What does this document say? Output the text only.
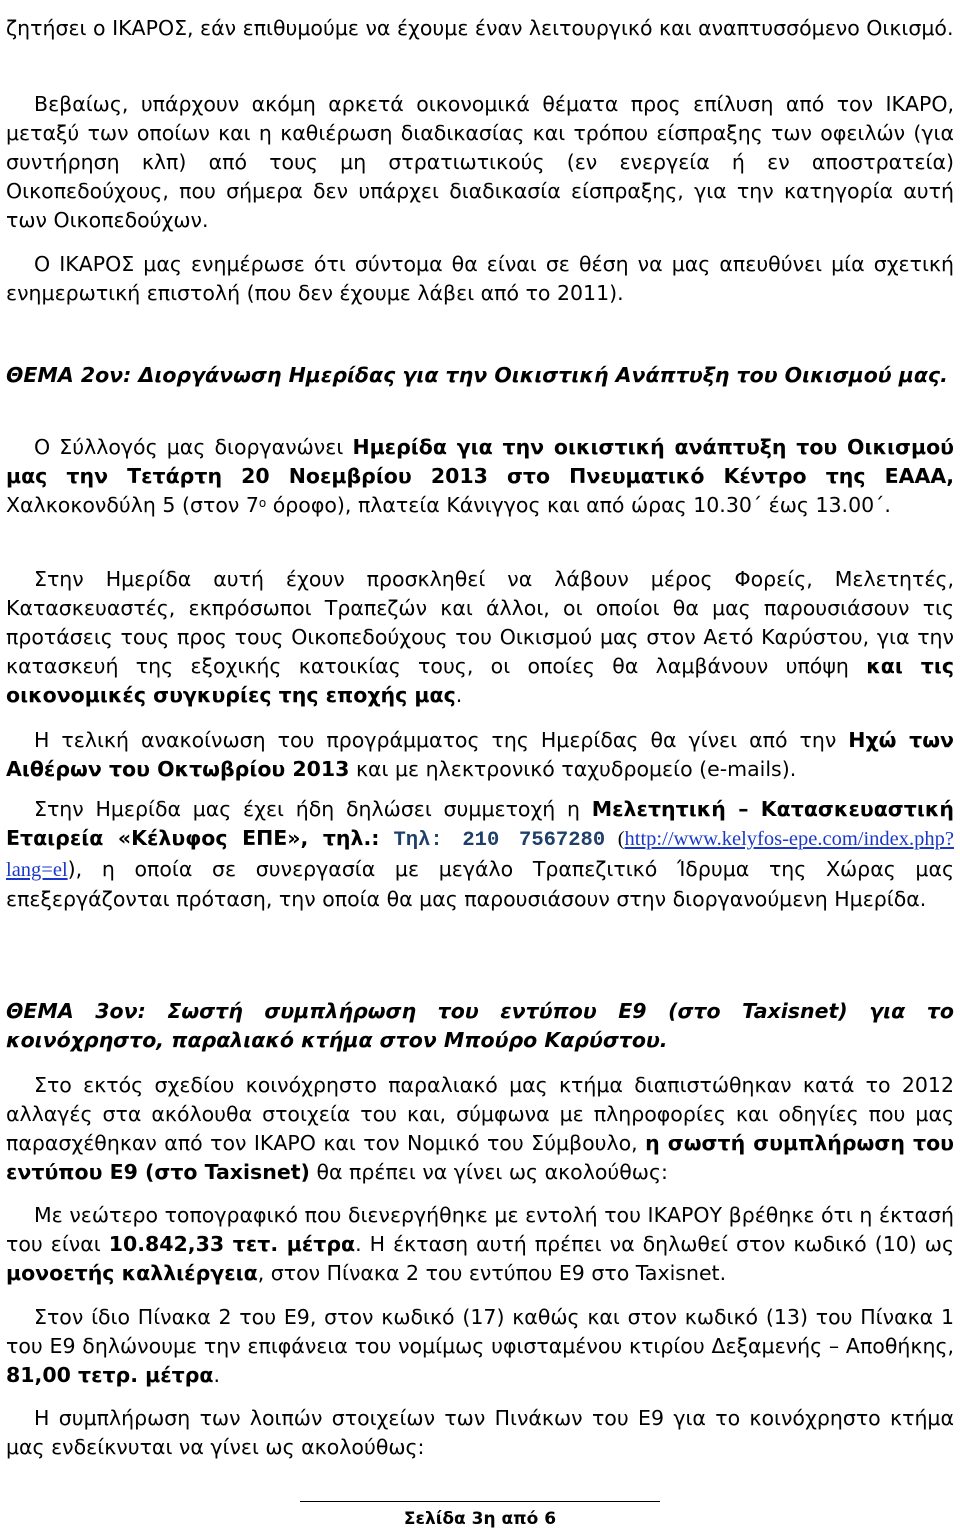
ζητήσει ο ΙΚΑΡΟΣ, εάν επιθυμούμε να έχουμε έναν λειτουργικό και αναπτυσσόμενο Οικισμό.

Βεβαίως, υπάρχουν ακόμη αρκετά οικονομικά θέματα προς επίλυση από τον ΙΚΑΡΟ, μεταξύ των οποίων και η καθιέρωση διαδικασίας και τρόπου είσπραξης των οφειλών (για συντήρηση κλπ) από τους μη στρατιωτικούς (εν ενεργεία ή εν αποστρατεία) Οικοπεδούχους, που σήμερα δεν υπάρχει διαδικασία είσπραξης, για την κατηγορία αυτή των Οικοπεδούχων.

Ο ΙΚΑΡΟΣ μας ενημέρωσε ότι σύντομα θα είναι σε θέση να μας απευθύνει μία σχετική ενημερωτική επιστολή (που δεν έχουμε λάβει από το 2011).

ΘΕΜΑ 2ον: Διοργάνωση Ημερίδας για την Οικιστική Ανάπτυξη του Οικισμού μας.

Ο Σύλλογός μας διοργανώνει Ημερίδα για την οικιστική ανάπτυξη του Οικισμού μας την Τετάρτη 20 Νοεμβρίου 2013 στο Πνευματικό Κέντρο της ΕΑΑΑ, Χαλκοκονδύλη 5 (στον $7^o$ όροφο), πλατεία Κάνιγγος και από ώρας 10.30΄ έως 13.00΄.

Στην Ημερίδα αυτή έχουν προσκληθεί να λάβουν μέρος Φορείς, Μελετητές, Κατασκευαστές, εκπρόσωποι Τραπεζών και άλλοι, οι οποίοι θα μας παρουσιάσουν τις προτάσεις τους προς τους Οικοπεδούχους του Οικισμού μας στον Αετό Καρύστου, για την κατασκευή της εξοχικής κατοικίας τους, οι οποίες θα λαμβάνουν υπόψη και τις οικονομικές συγκυρίες της εποχής μας.

Η τελική ανακοίνωση του προγράμματος της Ημερίδας θα γίνει από την Ηχώ των Αιθέρων του Οκτωβρίου 2013 και με ηλεκτρονικό ταχυδρομείο (e-mails).

Στην Ημερίδα μας έχει ήδη δηλώσει συμμετοχή η Μελετητική – Κατασκευαστική Εταιρεία «Κέλυφος ΕΠΕ», τηλ.: Τηλ: 210 7567280 (http://www.kelyfos-epe.com/index.php?lang=el), η οποία σε συνεργασία με μεγάλο Τραπεζιτικό Ίδρυμα της Χώρας μας επεξεργάζονται πρόταση, την οποία θα μας παρουσιάσουν στην διοργανούμενη Ημερίδα.

ΘΕΜΑ 3ον: Σωστή συμπλήρωση του εντύπου Ε9 (στο Taxisnet) για το κοινόχρηστο, παραλιακό κτήμα στον Μπούρο Καρύστου.

Στο εκτός σχεδίου κοινόχρηστο παραλιακό μας κτήμα διαπιστώθηκαν κατά το 2012 αλλαγές στα ακόλουθα στοιχεία του και, σύμφωνα με πληροφορίες και οδηγίες που μας παρασχέθηκαν από τον ΙΚΑΡΟ και τον Νομικό του Σύμβουλο, η σωστή συμπλήρωση του εντύπου Ε9 (στο Taxisnet) θα πρέπει να γίνει ως ακολούθως:

Με νεώτερο τοπογραφικό που διενεργήθηκε με εντολή του ΙΚΑΡΟΥ βρέθηκε ότι η έκτασή του είναι 10.842,33 τετ. μέτρα. Η έκταση αυτή πρέπει να δηλωθεί στον κωδικό (10) ως μονοετής καλλιέργεια, στον Πίνακα 2 του εντύπου Ε9 στο Taxisnet.

Στον ίδιο Πίνακα 2 του Ε9, στον κωδικό (17) καθώς και στον κωδικό (13) του Πίνακα 1 του Ε9 δηλώνουμε την επιφάνεια του νομίμως υφισταμένου κτιρίου Δεξαμενής – Αποθήκης, 81,00 τετρ. μέτρα.

Η συμπλήρωση των λοιπών στοιχείων των Πινάκων του Ε9 για το κοινόχρηστο κτήμα μας ενδείκνυται να γίνει ως ακολούθως:

Σελίδα 3η από 6
